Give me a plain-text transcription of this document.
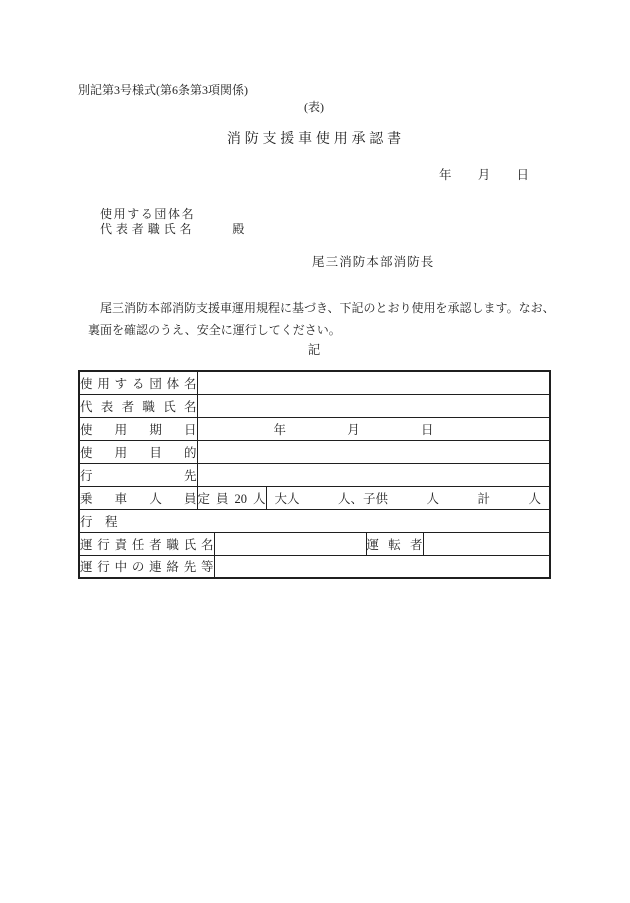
別記第3号様式(第6条第3項関係)
(表)
消防支援車使用承認書
年 月 日
使用する団体名
代表者職氏名	殿
尾三消防本部消防長
尾三消防本部消防支援車運用規程に基づき、下記のとおり使用を承認します。なお、
裏面を確認のうえ、安全に運行してください。
記
使用する団体名					
代表者職氏名					
使用期日	年 月 日				

使用目的					
行先					
乗車人員	定員20人		大人 人、子供 人 計 人		

行　程					
運行責任者職氏名				運転者	
運行中の連絡先等					
